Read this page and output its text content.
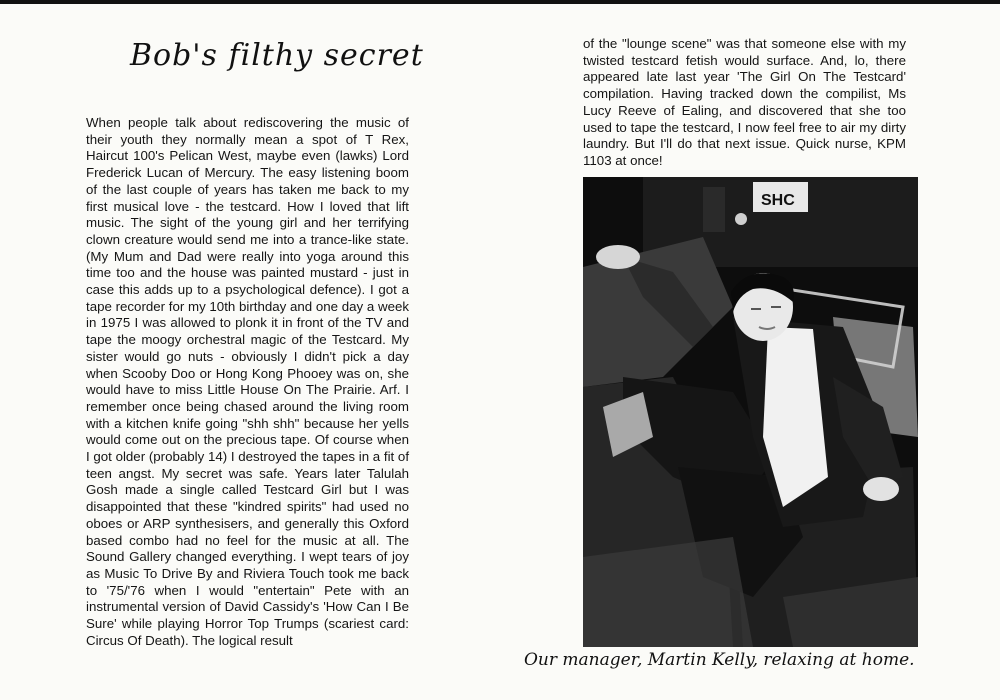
Bob's filthy secret
When people talk about rediscovering the music of their youth they normally mean a spot of T Rex, Haircut 100's Pelican West, maybe even (lawks) Lord Frederick Lucan of Mercury. The easy listening boom of the last couple of years has taken me back to my first musical love - the testcard. How I loved that lift music. The sight of the young girl and her terrifying clown creature would send me into a trance-like state. (My Mum and Dad were really into yoga around this time too and the house was painted mustard - just in case this adds up to a psychological defence). I got a tape recorder for my 10th birthday and one day a week in 1975 I was allowed to plonk it in front of the TV and tape the moogy orchestral magic of the Testcard. My sister would go nuts - obviously I didn't pick a day when Scooby Doo or Hong Kong Phooey was on, she would have to miss Little House On The Prairie. Arf. I remember once being chased around the living room with a kitchen knife going "shh shh" because her yells would come out on the precious tape. Of course when I got older (probably 14) I destroyed the tapes in a fit of teen angst. My secret was safe. Years later Talulah Gosh made a single called Testcard Girl but I was disappointed that these "kindred spirits" had used no oboes or ARP synthesisers, and generally this Oxford based combo had no feel for the music at all. The Sound Gallery changed everything. I wept tears of joy as Music To Drive By and Riviera Touch took me back to '75/'76 when I would "entertain" Pete with an instrumental version of David Cassidy's 'How Can I Be Sure' while playing Horror Top Trumps (scariest card: Circus Of Death). The logical result
of the "lounge scene" was that someone else with my twisted testcard fetish would surface. And, lo, there appeared late last year 'The Girl On The Testcard' compilation. Having tracked down the compilist, Ms Lucy Reeve of Ealing, and discovered that she too used to tape the testcard, I now feel free to air my dirty laundry. But I'll do that next issue. Quick nurse, KPM 1103 at once!
SHC
Our manager, Martin Kelly, relaxing at home.
